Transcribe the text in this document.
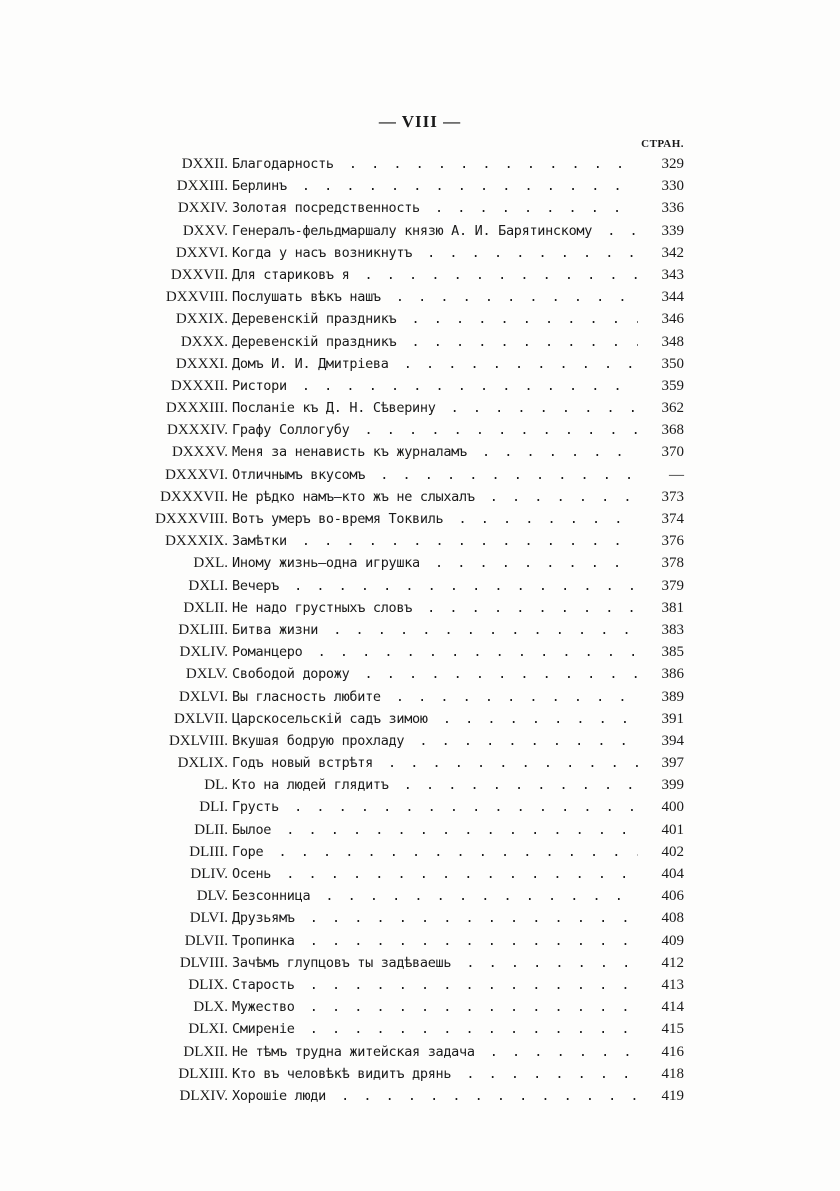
— VIII —
СТРАН.
DXXII. Благодарность . . .	329
DXXIII. Берлинъ . . .	330
DXXIV. Золотая посредственность . . .	336
DXXV. Генералъ-фельдмаршалу князю А. И. Барятинскому . . .	339
DXXVI. Когда у насъ возникнутъ . . .	342
DXXVII. Для стариковъ я . . .	343
DXXVIII. Послушать вѣкъ нашъ . . .	344
DXXIX. Деревенскій праздникъ . . .	346
DXXX. Деревенскій праздникъ . . .	348
DXXXI. Домъ И. И. Дмитріева . . .	350
DXXXII. Ристори . . .	359
DXXXIII. Посланіе къ Д. Н. Сѣверину . . .	362
DXXXIV. Графу Соллогубу . . .	368
DXXXV. Меня за ненависть къ журналамъ . . .	370
DXXXVI. Отличнымъ вкусомъ . . .	—
DXXXVII. Не рѣдко намъ—кто жъ не слыхалъ . . .	373
DXXXVIII. Вотъ умеръ во-время Токвиль . . .	374
DXXXIX. Замѣтки . . .	376
DXL. Иному жизнь—одна игрушка . . .	378
DXLI. Вечеръ . . .	379
DXLII. Не надо грустныхъ словъ . . .	381
DXLIII. Битва жизни . . .	383
DXLIV. Романцеро . . .	385
DXLV. Свободой дорожу . . .	386
DXLVI. Вы гласность любите . . .	389
DXLVII. Царскосельскій садъ зимою . . .	391
DXLVIII. Вкушая бодрую прохладу . . .	394
DXLIX. Годъ новый встрѣтя . . .	397
DL. Кто на людей глядитъ . . .	399
DLI. Грусть . . .	400
DLII. Былое . . .	401
DLIII. Горе . . .	402
DLIV. Осень . . .	404
DLV. Безсонница . . .	406
DLVI. Друзьямъ . . .	408
DLVII. Тропинка . . .	409
DLVIII. Зачѣмъ глупцовъ ты задѣваешь . . .	412
DLIX. Старость . . .	413
DLX. Мужество . . .	414
DLXI. Смиреніе . . .	415
DLXII. Не тѣмъ трудна житейская задача . . .	416
DLXIII. Кто въ человѣкѣ видитъ дрянь . . .	418
DLXIV. Хорошіе люди . . .	419
